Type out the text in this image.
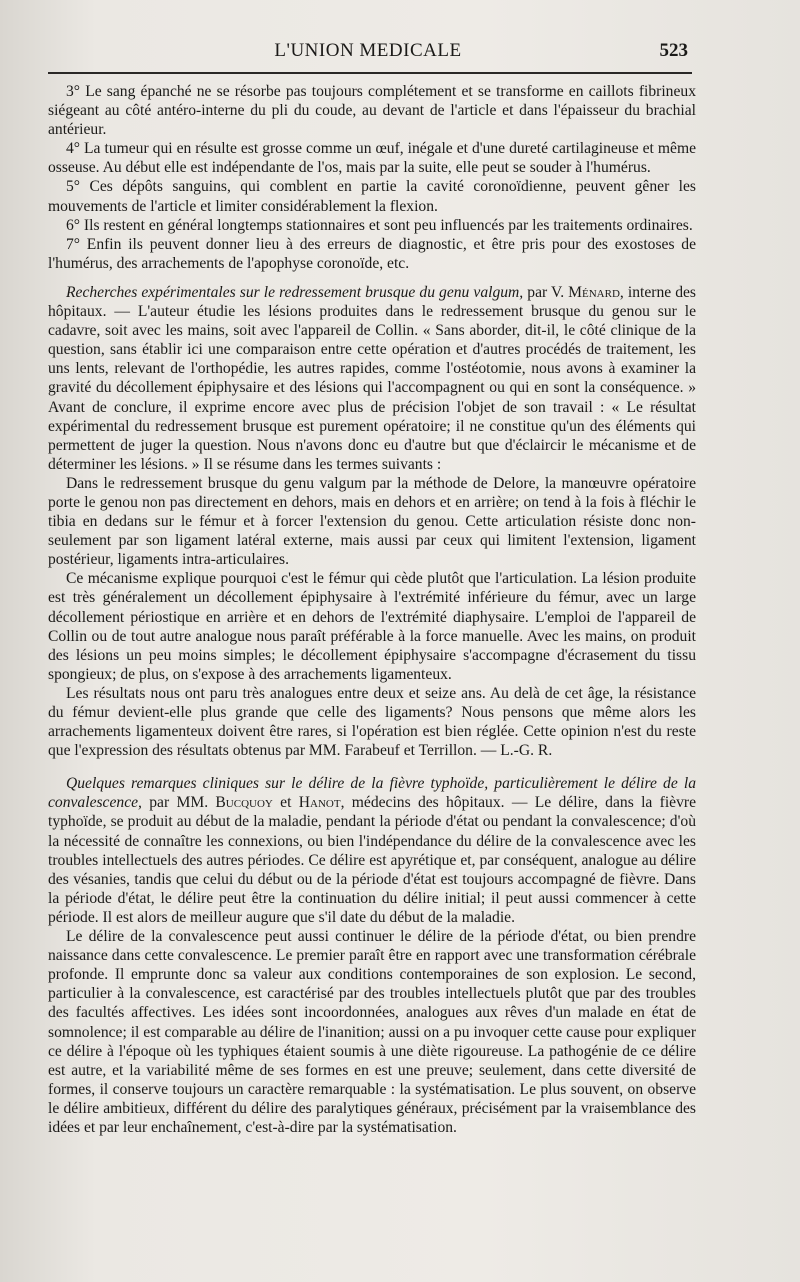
L'UNION MEDICALE	523

3° Le sang épanché ne se résorbe pas toujours complétement et se transforme en caillots fibrineux siégeant au côté antéro-interne du pli du coude, au devant de l'article et dans l'épaisseur du brachial antérieur.

4° La tumeur qui en résulte est grosse comme un œuf, inégale et d'une dureté cartilagineuse et même osseuse. Au début elle est indépendante de l'os, mais par la suite, elle peut se souder à l'humérus.

5° Ces dépôts sanguins, qui comblent en partie la cavité coronoïdienne, peuvent gêner les mouvements de l'article et limiter considérablement la flexion.

6° Ils restent en général longtemps stationnaires et sont peu influencés par les traitements ordinaires.

7° Enfin ils peuvent donner lieu à des erreurs de diagnostic, et être pris pour des exostoses de l'humérus, des arrachements de l'apophyse coronoïde, etc.

Recherches expérimentales sur le redressement brusque du genu valgum, par V. Ménard, interne des hôpitaux. — L'auteur étudie les lésions produites dans le redressement brusque du genou sur le cadavre, soit avec les mains, soit avec l'appareil de Collin. « Sans aborder, dit-il, le côté clinique de la question, sans établir ici une comparaison entre cette opération et d'autres procédés de traitement, les uns lents, relevant de l'orthopédie, les autres rapides, comme l'ostéotomie, nous avons à examiner la gravité du décollement épiphysaire et des lésions qui l'accompagnent ou qui en sont la conséquence. » Avant de conclure, il exprime encore avec plus de précision l'objet de son travail : « Le résultat expérimental du redressement brusque est purement opératoire; il ne constitue qu'un des éléments qui permettent de juger la question. Nous n'avons donc eu d'autre but que d'éclaircir le mécanisme et de déterminer les lésions. » Il se résume dans les termes suivants :

Dans le redressement brusque du genu valgum par la méthode de Delore, la manœuvre opératoire porte le genou non pas directement en dehors, mais en dehors et en arrière; on tend à la fois à fléchir le tibia en dedans sur le fémur et à forcer l'extension du genou. Cette articulation résiste donc non-seulement par son ligament latéral externe, mais aussi par ceux qui limitent l'extension, ligament postérieur, ligaments intra-articulaires.

Ce mécanisme explique pourquoi c'est le fémur qui cède plutôt que l'articulation. La lésion produite est très généralement un décollement épiphysaire à l'extrémité inférieure du fémur, avec un large décollement périostique en arrière et en dehors de l'extrémité diaphysaire. L'emploi de l'appareil de Collin ou de tout autre analogue nous paraît préférable à la force manuelle. Avec les mains, on produit des lésions un peu moins simples; le décollement épiphysaire s'accompagne d'écrasement du tissu spongieux; de plus, on s'expose à des arrachements ligamenteux.

Les résultats nous ont paru très analogues entre deux et seize ans. Au delà de cet âge, la résistance du fémur devient-elle plus grande que celle des ligaments? Nous pensons que même alors les arrachements ligamenteux doivent être rares, si l'opération est bien réglée. Cette opinion n'est du reste que l'expression des résultats obtenus par MM. Farabeuf et Terrillon. — L.-G. R.

Quelques remarques cliniques sur le délire de la fièvre typhoïde, particulièrement le délire de la convalescence, par MM. Bucquoy et Hanot, médecins des hôpitaux. — Le délire, dans la fièvre typhoïde, se produit au début de la maladie, pendant la période d'état ou pendant la convalescence; d'où la nécessité de connaître les connexions, ou bien l'indépendance du délire de la convalescence avec les troubles intellectuels des autres périodes. Ce délire est apyrétique et, par conséquent, analogue au délire des vésanies, tandis que celui du début ou de la période d'état est toujours accompagné de fièvre. Dans la période d'état, le délire peut être la continuation du délire initial; il peut aussi commencer à cette période. Il est alors de meilleur augure que s'il date du début de la maladie.

Le délire de la convalescence peut aussi continuer le délire de la période d'état, ou bien prendre naissance dans cette convalescence. Le premier paraît être en rapport avec une transformation cérébrale profonde. Il emprunte donc sa valeur aux conditions contemporaines de son explosion. Le second, particulier à la convalescence, est caractérisé par des troubles intellectuels plutôt que par des troubles des facultés affectives. Les idées sont incoordonnées, analogues aux rêves d'un malade en état de somnolence; il est comparable au délire de l'inanition; aussi on a pu invoquer cette cause pour expliquer ce délire à l'époque où les typhiques étaient soumis à une diète rigoureuse. La pathogénie de ce délire est autre, et la variabilité même de ses formes en est une preuve; seulement, dans cette diversité de formes, il conserve toujours un caractère remarquable : la systématisation. Le plus souvent, on observe le délire ambitieux, différent du délire des paralytiques généraux, précisément par la vraisemblance des idées et par leur enchaînement, c'est-à-dire par la systématisation.
